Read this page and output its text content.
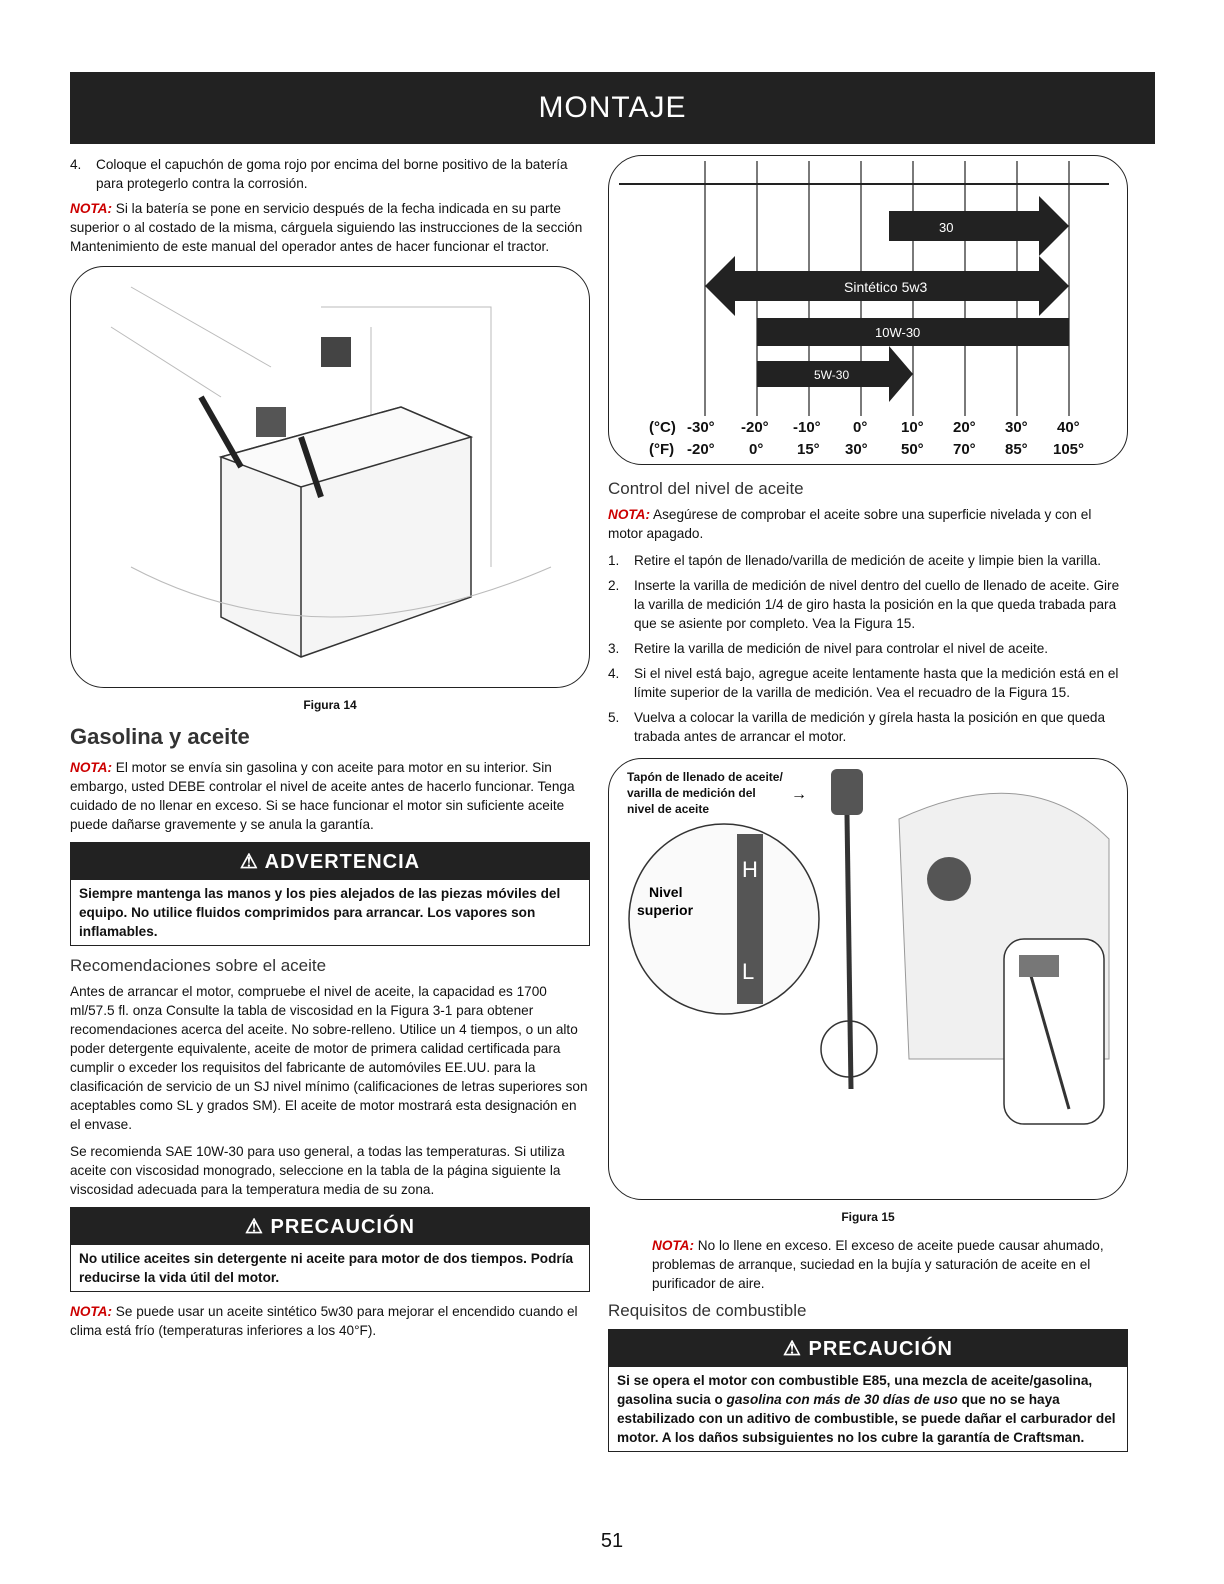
MONTAJE
4.	Coloque el capuchón de goma rojo por encima del borne positivo de la batería para protegerlo contra la corrosión.

NOTA: Si la batería se pone en servicio después de la fecha indicada en su parte superior o al costado de la misma, cárguela siguiendo las instrucciones de la sección Mantenimiento de este manual del operador antes de hacer funcionar el tractor.

Figura 14
Gasolina y aceite

NOTA: El motor se envía sin gasolina y con aceite para motor en su interior. Sin embargo, usted DEBE controlar el nivel de aceite antes de hacerlo funcionar. Tenga cuidado de no llenar en exceso. Si se hace funcionar el motor sin suficiente aceite puede dañarse gravemente y se anula la garantía.

⚠ ADVERTENCIA
Siempre mantenga las manos y los pies alejados de las piezas móviles del equipo. No utilice fluidos comprimidos para arrancar. Los vapores son inflamables.
Recomendaciones sobre el aceite

Antes de arrancar el motor, compruebe el nivel de aceite, la capacidad es 1700 ml/57.5 fl. onza Consulte la tabla de viscosidad en la Figura 3-1 para obtener recomendaciones acerca del aceite. No sobre-relleno. Utilice un 4 tiempos, o un alto poder detergente equivalente, aceite de motor de primera calidad certificada para cumplir o exceder los requisitos del fabricante de automóviles EE.UU. para la clasificación de servicio de un SJ nivel mínimo (calificaciones de letras superiores son aceptables como SL y grados SM). El aceite de motor mostrará esta designación en el envase.

Se recomienda SAE 10W-30 para uso general, a todas las temperaturas. Si utiliza aceite con viscosidad monogrado, seleccione en la tabla de la página siguiente la viscosidad adecuada para la temperatura media de su zona.

⚠ PRECAUCIÓN
No utilice aceites sin detergente ni aceite para motor de dos tiempos. Podría reducirse la vida útil del motor.

NOTA: Se puede usar un aceite sintético 5w30 para mejorar el encendido cuando el clima está frío (temperaturas inferiores a los 40°F).

30
Sintético 5w3
10W-30
5W-30
(°C) -30° -20° -10° 0° 10° 20° 30° 40°
(°F) -20° 0° 15° 30° 50° 70° 85° 105°
Control del nivel de aceite

NOTA: Asegúrese de comprobar el aceite sobre una superficie nivelada y con el motor apagado.

1.	Retire el tapón de llenado/varilla de medición de aceite y limpie bien la varilla.
2.	Inserte la varilla de medición de nivel dentro del cuello de llenado de aceite. Gire la varilla de medición 1/4 de giro hasta la posición en la que queda trabada para que se asiente por completo. Vea la Figura 15.
3.	Retire la varilla de medición de nivel para controlar el nivel de aceite.
4.	Si el nivel está bajo, agregue aceite lentamente hasta que la medición está en el límite superior de la varilla de medición. Vea el recuadro de la Figura 15.
5.	Vuelva a colocar la varilla de medición y gírela hasta la posición en que queda trabada antes de arrancar el motor.
Tapón de llenado de aceite/
varilla de medición del
nivel de aceite
→
H
L
Nivel
superior
Figura 15

NOTA: No lo llene en exceso. El exceso de aceite puede causar ahumado, problemas de arranque, suciedad en la bujía y saturación de aceite en el purificador de aire.

Requisitos de combustible
⚠ PRECAUCIÓN
Si se opera el motor con combustible E85, una mezcla de aceite/gasolina, gasolina sucia o gasolina con más de 30 días de uso que no se haya estabilizado con un aditivo de combustible, se puede dañar el carburador del motor. A los daños subsiguientes no los cubre la garantía de Craftsman.
51
